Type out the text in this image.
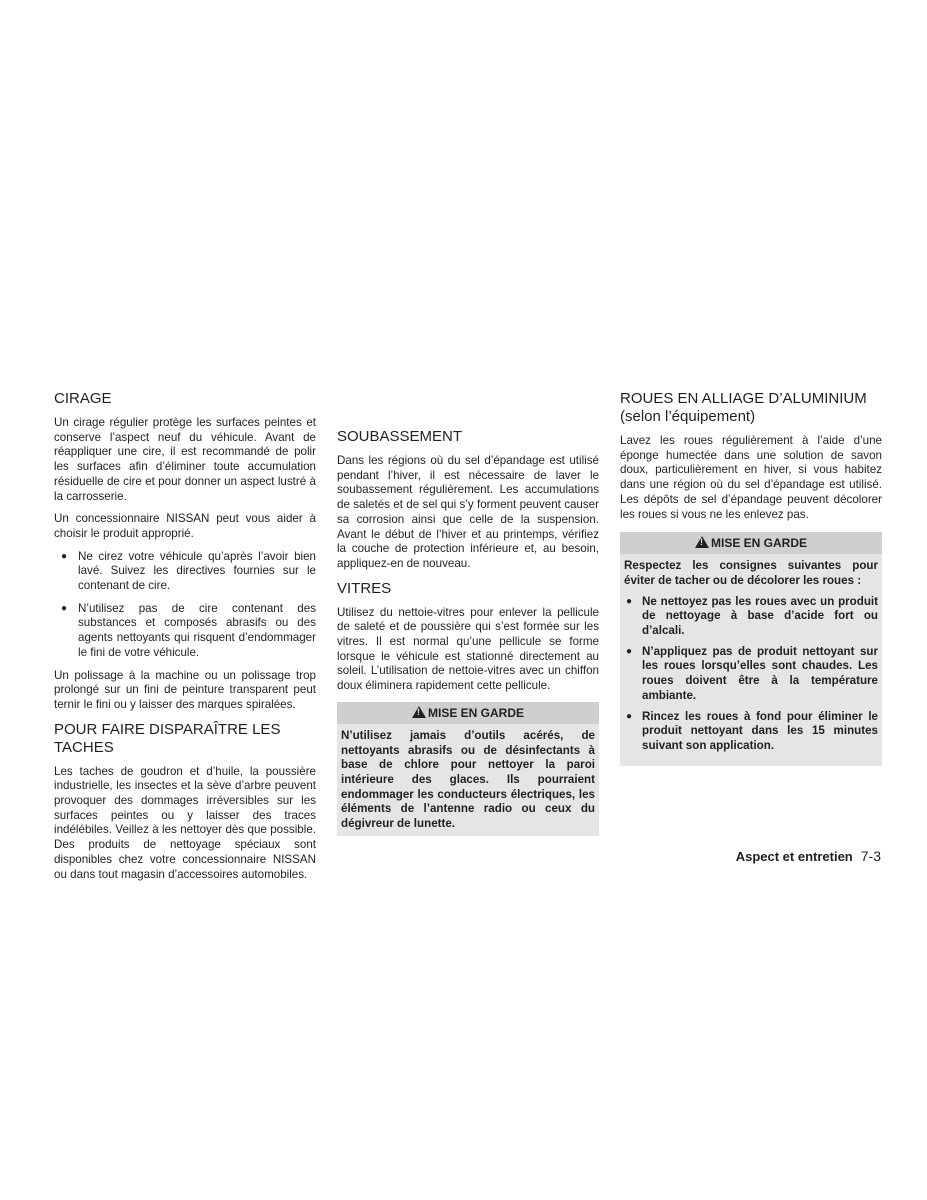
CIRAGE

Un cirage régulier protège les surfaces peintes et conserve l’aspect neuf du véhicule. Avant de réappliquer une cire, il est recommandé de polir les surfaces afin d’éliminer toute accumulation résiduelle de cire et pour donner un aspect lustré à la carrosserie.

Un concessionnaire NISSAN peut vous aider à choisir le produit approprié.

● Ne cirez votre véhicule qu’après l’avoir bien lavé. Suivez les directives fournies sur le contenant de cire.
● N’utilisez pas de cire contenant des substances et composés abrasifs ou des agents nettoyants qui risquent d’endommager le fini de votre véhicule.

Un polissage à la machine ou un polissage trop prolongé sur un fini de peinture transparent peut ternir le fini ou y laisser des marques spiralées.

POUR FAIRE DISPARAÎTRE LES TACHES

Les taches de goudron et d’huile, la poussière industrielle, les insectes et la sève d’arbre peuvent provoquer des dommages irréversibles sur les surfaces peintes ou y laisser des traces indélébiles. Veillez à les nettoyer dès que possible. Des produits de nettoyage spéciaux sont disponibles chez votre concessionnaire NISSAN ou dans tout magasin d’accessoires automobiles.

SOUBASSEMENT

Dans les régions où du sel d’épandage est utilisé pendant l’hiver, il est nécessaire de laver le soubassement régulièrement. Les accumulations de saletés et de sel qui s’y forment peuvent causer sa corrosion ainsi que celle de la suspension. Avant le début de l’hiver et au printemps, vérifiez la couche de protection inférieure et, au besoin, appliquez-en de nouveau.

VITRES

Utilisez du nettoie-vitres pour enlever la pellicule de saleté et de poussière qui s’est formée sur les vitres. Il est normal qu’une pellicule se forme lorsque le véhicule est stationné directement au soleil. L’utilisation de nettoie-vitres avec un chiffon doux éliminera rapidement cette pellicule.

!MISE EN GARDE

N’utilisez jamais d’outils acérés, de nettoyants abrasifs ou de désinfectants à base de chlore pour nettoyer la paroi intérieure des glaces. Ils pourraient endommager les conducteurs électriques, les éléments de l’antenne radio ou ceux du dégivreur de lunette.

ROUES EN ALLIAGE D’ALUMINIUM
(selon l’équipement)

Lavez les roues régulièrement à l’aide d’une éponge humectée dans une solution de savon doux, particulièrement en hiver, si vous habitez dans une région où du sel d’épandage est utilisé. Les dépôts de sel d’épandage peuvent décolorer les roues si vous ne les enlevez pas.

!MISE EN GARDE

Respectez les consignes suivantes pour éviter de tacher ou de décolorer les roues :

● Ne nettoyez pas les roues avec un produit de nettoyage à base d’acide fort ou d’alcali.
● N’appliquez pas de produit nettoyant sur les roues lorsqu’elles sont chaudes. Les roues doivent être à la température ambiante.
● Rincez les roues à fond pour éliminer le produit nettoyant dans les 15 minutes suivant son application.
Aspect et entretien 7-3
